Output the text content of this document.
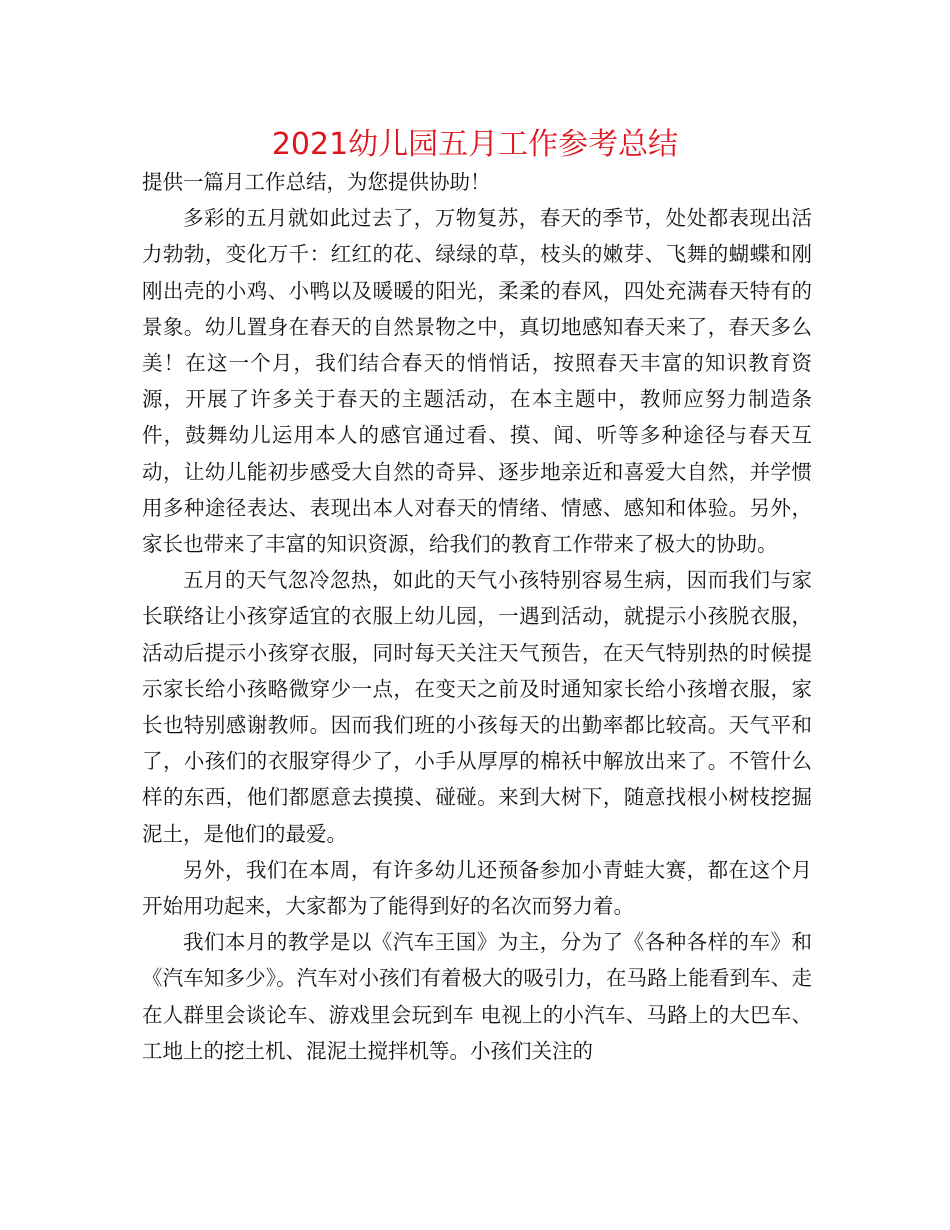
2021幼儿园五月工作参考总结

提供一篇月工作总结，为您提供协助！

多彩的五月就如此过去了，万物复苏，春天的季节，处处都表现出活力勃勃，变化万千：红红的花、绿绿的草，枝头的嫩芽、飞舞的蝴蝶和刚刚出壳的小鸡、小鸭以及暖暖的阳光，柔柔的春风，四处充满春天特有的景象。幼儿置身在春天的自然景物之中，真切地感知春天来了，春天多么美！在这一个月，我们结合春天的悄悄话，按照春天丰富的知识教育资源，开展了许多关于春天的主题活动，在本主题中，教师应努力制造条件，鼓舞幼儿运用本人的感官通过看、摸、闻、听等多种途径与春天互动，让幼儿能初步感受大自然的奇异、逐步地亲近和喜爱大自然，并学惯用多种途径表达、表现出本人对春天的情绪、情感、感知和体验。另外，家长也带来了丰富的知识资源，给我们的教育工作带来了极大的协助。

五月的天气忽冷忽热，如此的天气小孩特别容易生病，因而我们与家长联络让小孩穿适宜的衣服上幼儿园，一遇到活动，就提示小孩脱衣服，活动后提示小孩穿衣服，同时每天关注天气预告，在天气特别热的时候提示家长给小孩略微穿少一点，在变天之前及时通知家长给小孩增衣服，家长也特别感谢教师。因而我们班的小孩每天的出勤率都比较高。天气平和了，小孩们的衣服穿得少了，小手从厚厚的棉袄中解放出来了。不管什么样的东西，他们都愿意去摸摸、碰碰。来到大树下，随意找根小树枝挖掘泥土，是他们的最爱。

另外，我们在本周，有许多幼儿还预备参加小青蛙大赛，都在这个月开始用功起来，大家都为了能得到好的名次而努力着。

我们本月的教学是以《汽车王国》为主，分为了《各种各样的车》和《汽车知多少》。汽车对小孩们有着极大的吸引力，在马路上能看到车、走在人群里会谈论车、游戏里会玩到车 电视上的小汽车、马路上的大巴车、工地上的挖土机、混泥土搅拌机等。小孩们关注的
